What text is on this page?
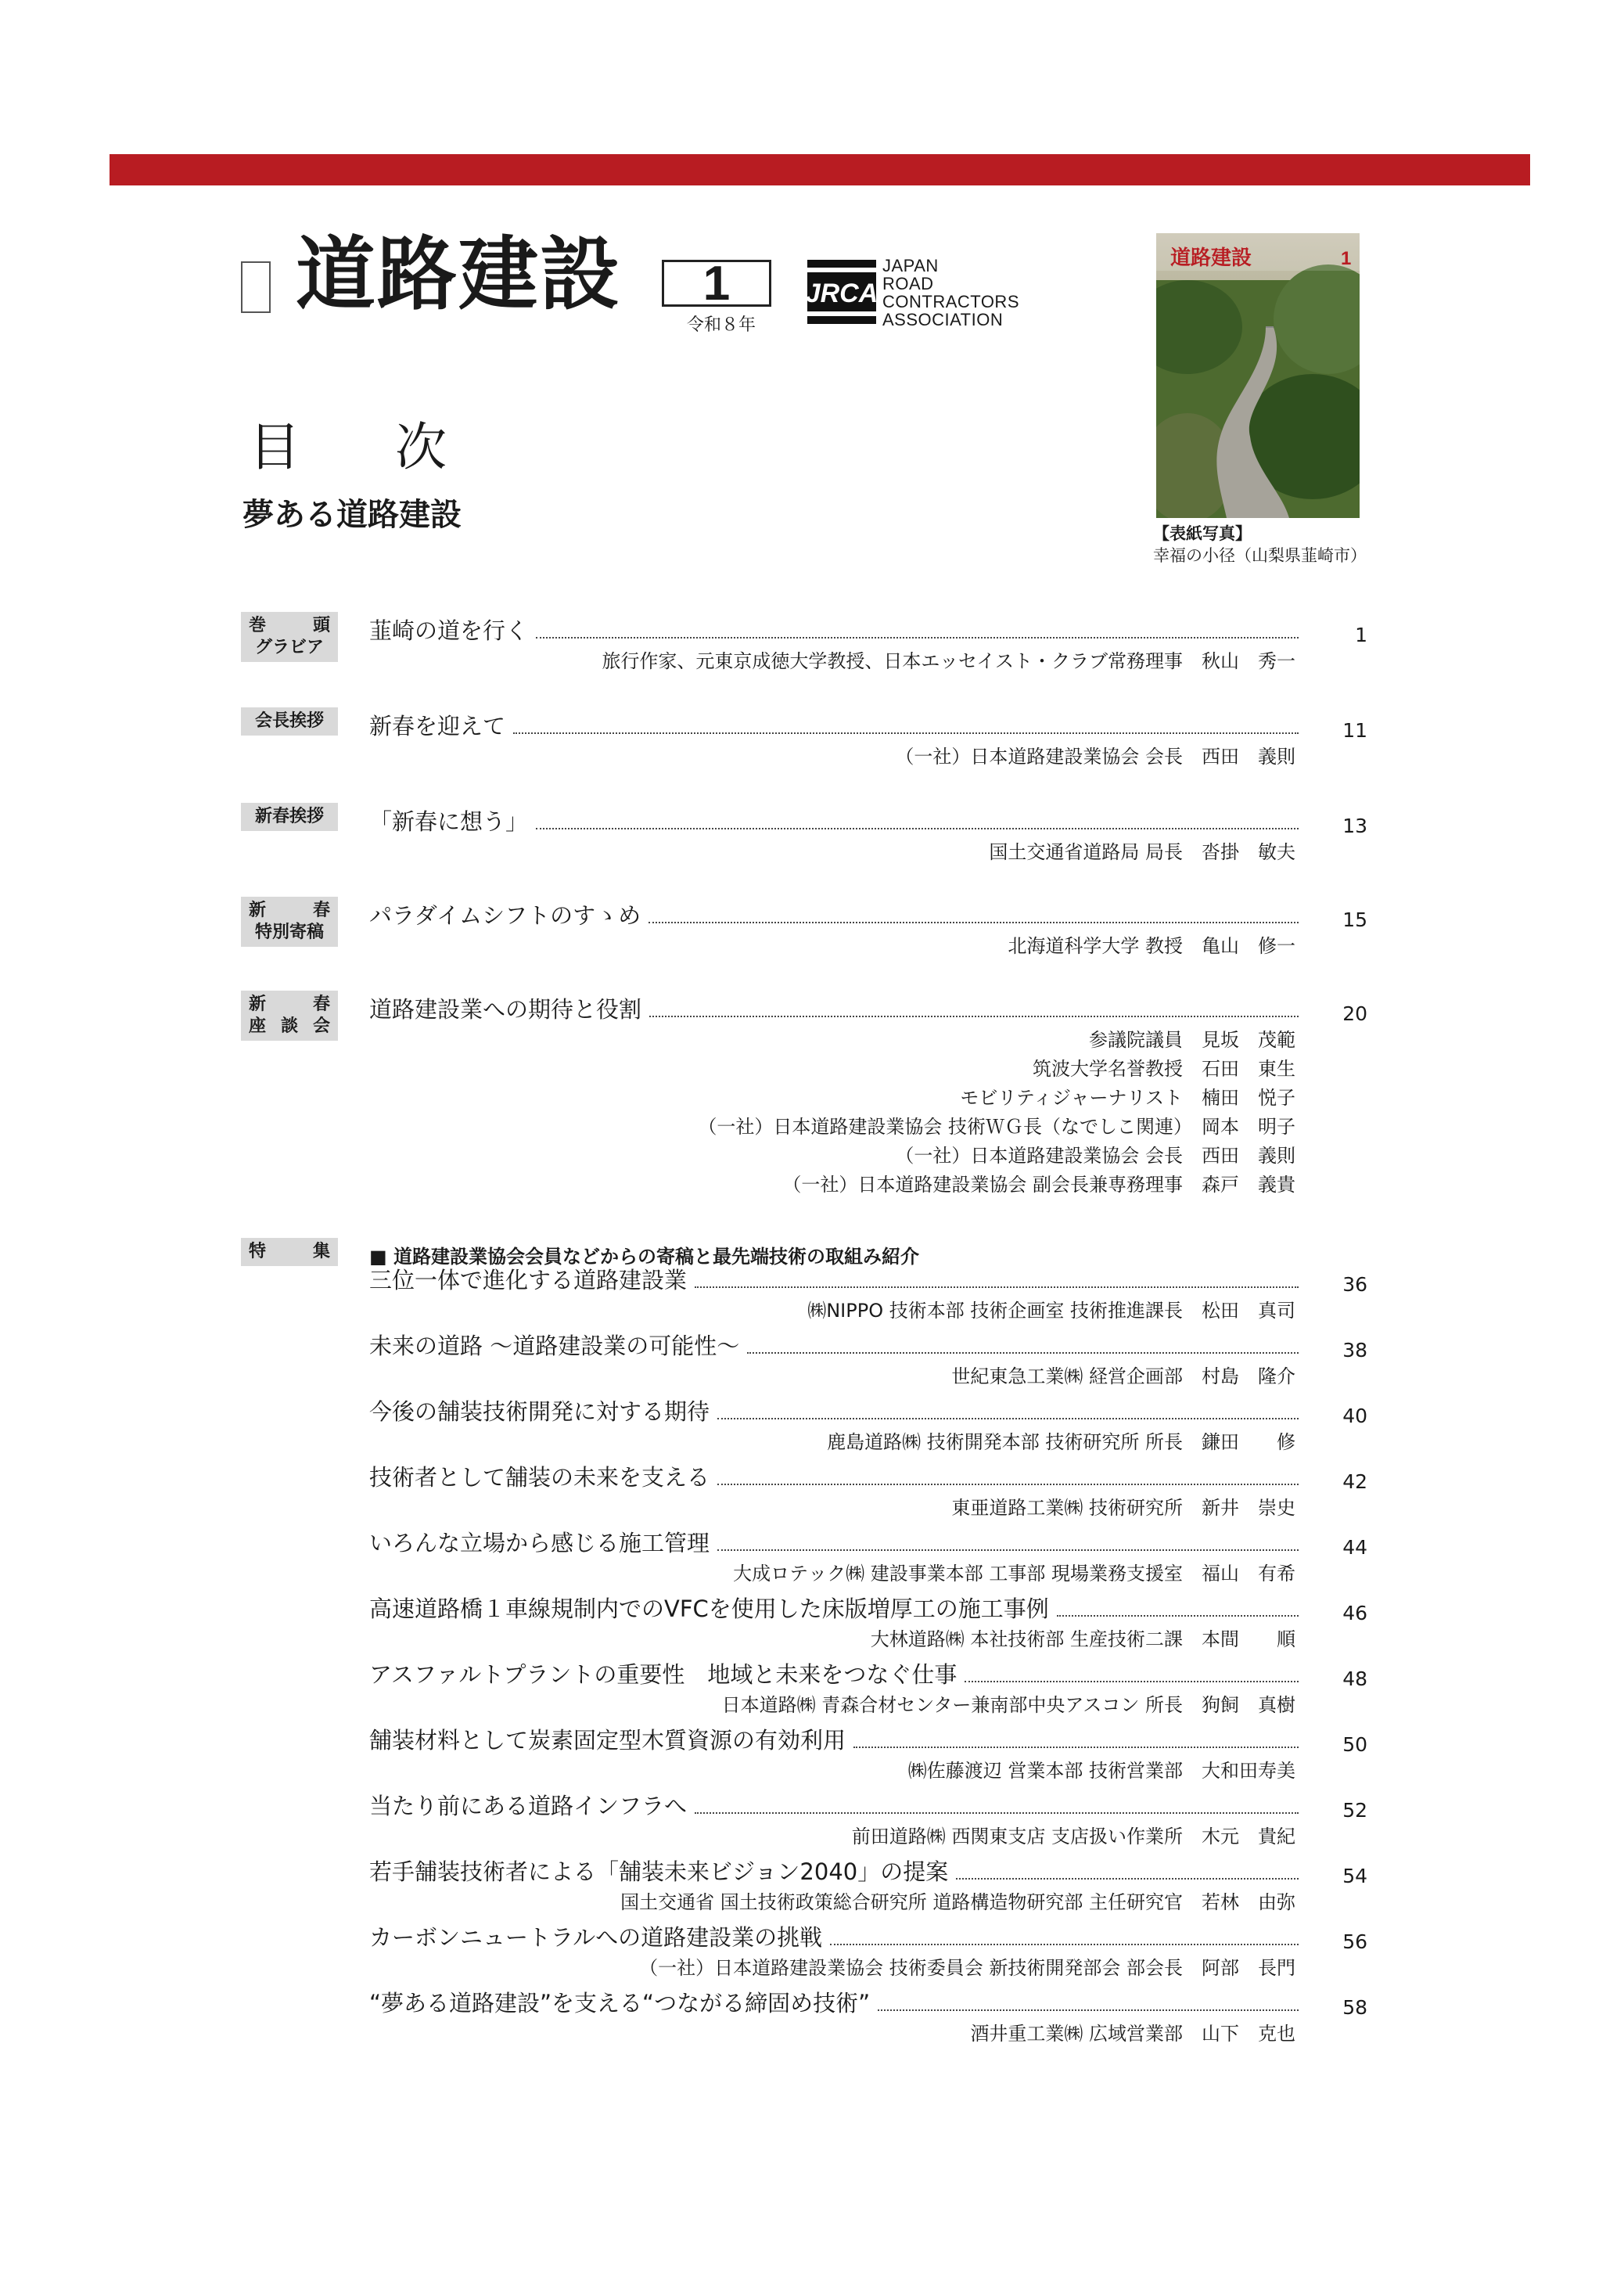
道路建設	1
令和８年
JRCA
JAPAN
ROAD
CONTRACTORS
ASSOCIATION
道路建設	1
【表紙写真】
幸福の小径（山梨県韮崎市）
目 次
夢ある道路建設
巻	頭
グラビア
韮崎の道を行く	1
旅行作家、元東京成徳大学教授、日本エッセイスト・クラブ常務理事　秋山　秀一
会長挨拶 新春を迎えて	11
（一社）日本道路建設業協会 会長　西田　義則
新春挨拶 「新春に想う」	13
国土交通省道路局 局長　沓掛　敏夫
新	春
特別寄稿
パラダイムシフトのすゝめ	15
北海道科学大学 教授　亀山　修一
新	春
座 談 会
道路建設業への期待と役割	20
参議院議員　見坂　茂範
筑波大学名誉教授　石田　東生
モビリティジャーナリスト　楠田　悦子
（一社）日本道路建設業協会 技術ＷＧ長（なでしこ関連）　岡本　明子
（一社）日本道路建設業協会 会長　西田　義則
（一社）日本道路建設業協会 副会長兼専務理事　森戸　義貴
特	集 ■ 道路建設業協会会員などからの寄稿と最先端技術の取組み紹介
三位一体で進化する道路建設業	36
㈱NIPPO 技術本部 技術企画室 技術推進課長　松田　真司
未来の道路 ～道路建設業の可能性～	38
世紀東急工業㈱ 経営企画部　村島　隆介
今後の舗装技術開発に対する期待	40
鹿島道路㈱ 技術開発本部 技術研究所 所長　鎌田　　修
技術者として舗装の未来を支える	42
東亜道路工業㈱ 技術研究所　新井　崇史
いろんな立場から感じる施工管理	44
大成ロテック㈱ 建設事業本部 工事部 現場業務支援室　福山　有希
高速道路橋１車線規制内でのVFCを使用した床版増厚工の施工事例	46
大林道路㈱ 本社技術部 生産技術二課　本間　　順
アスファルトプラントの重要性　地域と未来をつなぐ仕事	48
日本道路㈱ 青森合材センター兼南部中央アスコン 所長　狗飼　真樹
舗装材料として炭素固定型木質資源の有効利用	50
㈱佐藤渡辺 営業本部 技術営業部　大和田寿美
当たり前にある道路インフラへ	52
前田道路㈱ 西関東支店 支店扱い作業所　木元　貴紀
若手舗装技術者による「舗装未来ビジョン2040」の提案	54
国土交通省 国土技術政策総合研究所 道路構造物研究部 主任研究官　若林　由弥
カーボンニュートラルへの道路建設業の挑戦	56
（一社）日本道路建設業協会 技術委員会 新技術開発部会 部会長　阿部　長門
“夢ある道路建設”を支える“つながる締固め技術”	58
酒井重工業㈱ 広域営業部　山下　克也
